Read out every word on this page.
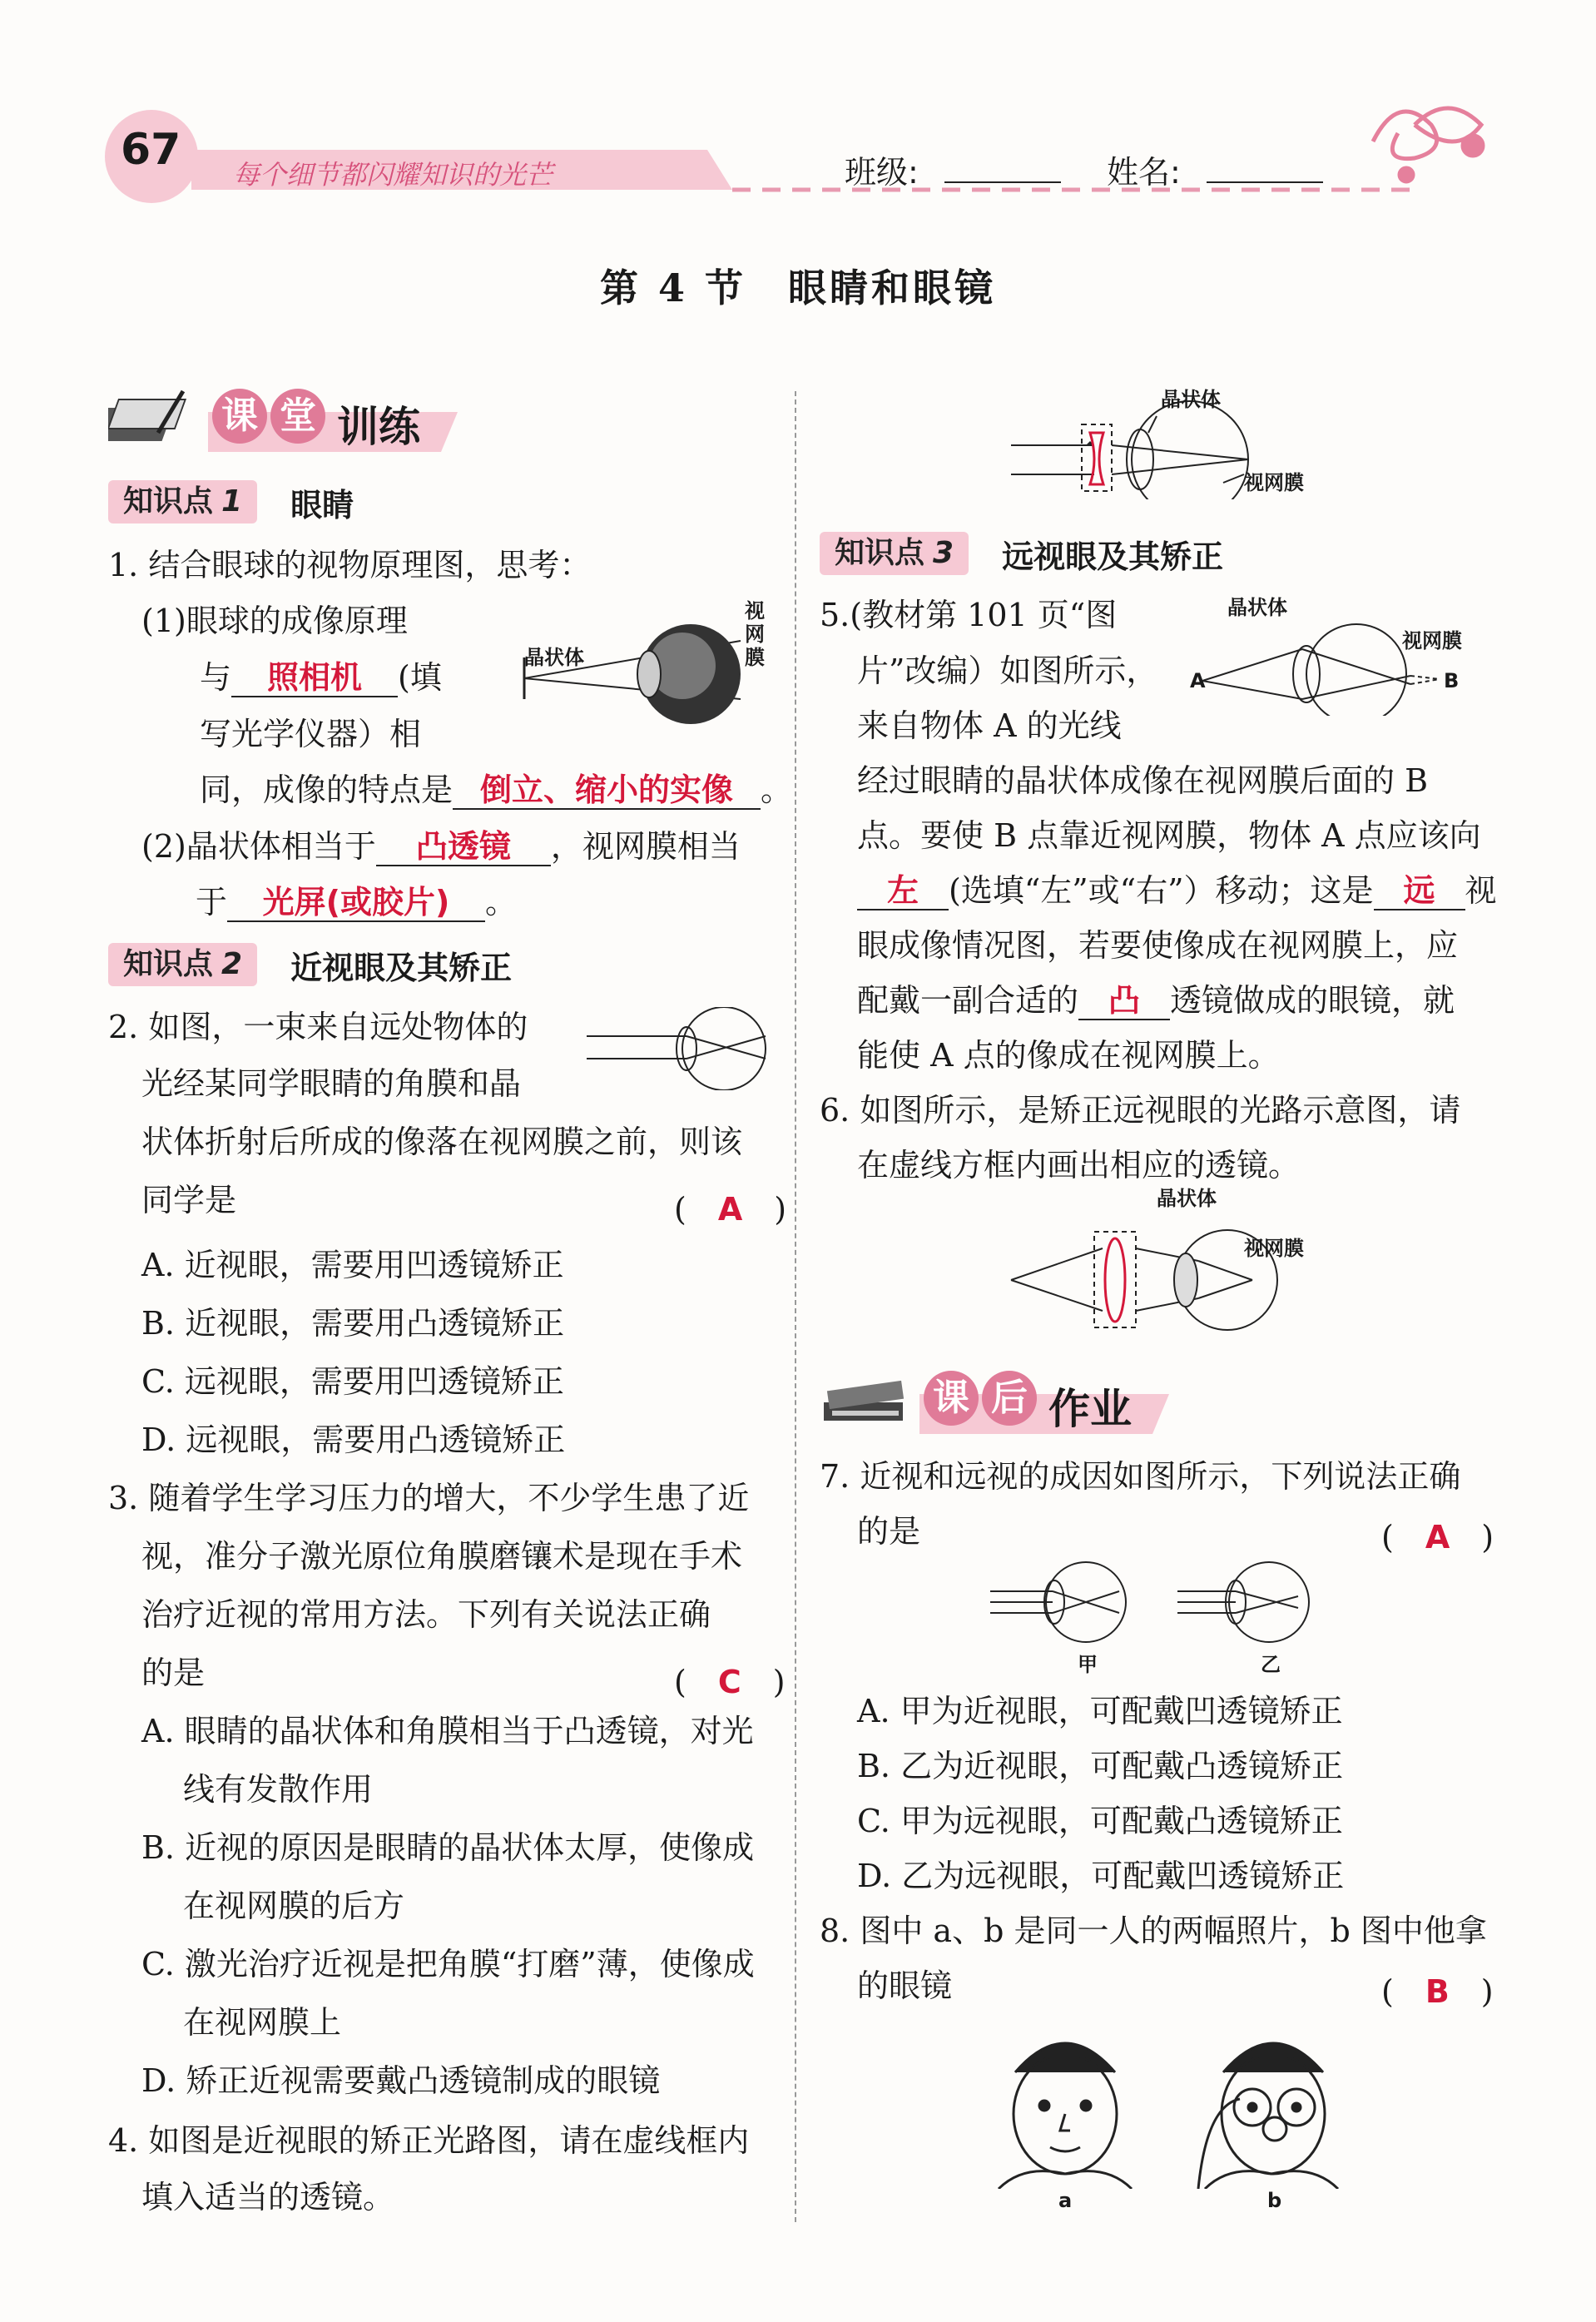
67 每个细节都闪耀知识的光芒	班级:	姓名:
第 4 节　眼睛和眼镜
课 堂 训练
知识点 1	眼睛
1. 结合眼球的视物原理图，思考：
(1)眼球的成像原理
与 照相机 (填
写光学仪器）相
同，成像的特点是 倒立、缩小的实像 。
(2)晶状体相当于 凸透镜 ，视网膜相当
于 光屏(或胶片) 。
晶状体
视网膜
知识点 2	近视眼及其矫正
2. 如图，一束来自远处物体的
光经某同学眼睛的角膜和晶
状体折射后所成的像落在视网膜之前，则该
同学是	(　A　)
A. 近视眼，需要用凹透镜矫正
B. 近视眼，需要用凸透镜矫正
C. 远视眼，需要用凹透镜矫正
D. 远视眼，需要用凸透镜矫正
3. 随着学生学习压力的增大，不少学生患了近
视，准分子激光原位角膜磨镶术是现在手术
治疗近视的常用方法。下列有关说法正确
的是	(　C　)
A. 眼睛的晶状体和角膜相当于凸透镜，对光
线有发散作用
B. 近视的原因是眼睛的晶状体太厚，使像成
在视网膜的后方
C. 激光治疗近视是把角膜“打磨”薄，使像成
在视网膜上
D. 矫正近视需要戴凸透镜制成的眼镜
4. 如图是近视眼的矫正光路图，请在虚线框内
填入适当的透镜。
晶状体
视网膜
知识点 3	远视眼及其矫正
5.(教材第 101 页“图
片”改编）如图所示，
来自物体 A 的光线
经过眼睛的晶状体成像在视网膜后面的 B
点。要使 B 点靠近视网膜，物体 A 点应该向
左 (选填“左”或“右”）移动；这是 远 视
眼成像情况图，若要使像成在视网膜上，应
配戴一副合适的 凸 透镜做成的眼镜，就
能使 A 点的像成在视网膜上。
晶状体
视网膜
A	B
6. 如图所示，是矫正远视眼的光路示意图，请
在虚线方框内画出相应的透镜。
晶状体
视网膜
课 后 作业
7. 近视和远视的成因如图所示，下列说法正确
的是	(　A　)
甲	乙
A. 甲为近视眼，可配戴凹透镜矫正
B. 乙为近视眼，可配戴凸透镜矫正
C. 甲为远视眼，可配戴凸透镜矫正
D. 乙为远视眼，可配戴凹透镜矫正
8. 图中 a、b 是同一人的两幅照片，b 图中他拿
的眼镜	(　B　)
a	b
